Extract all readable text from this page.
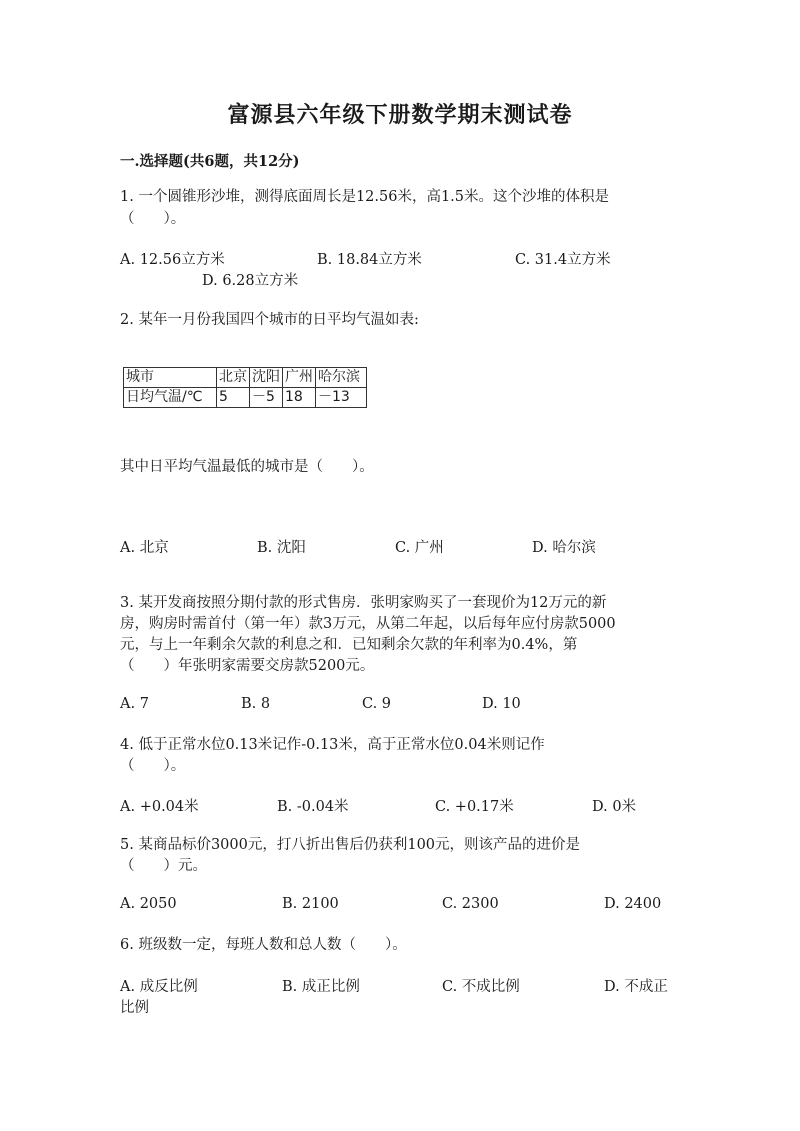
富源县六年级下册数学期末测试卷
一.选择题(共6题，共12分)
1. 一个圆锥形沙堆，测得底面周长是12.56米，高1.5米。这个沙堆的体积是
（　　）。
A. 12.56立方米	B. 18.84立方米	C. 31.4立方米
D. 6.28立方米
2. 某年一月份我国四个城市的日平均气温如表:
城市	北京	沈阳	广州	哈尔滨
日均气温/℃	5	－5	18	－13
其中日平均气温最低的城市是（　　）。
A. 北京	B. 沈阳	C. 广州	D. 哈尔滨
3. 某开发商按照分期付款的形式售房．张明家购买了一套现价为12万元的新
房，购房时需首付（第一年）款3万元，从第二年起，以后每年应付房款5000
元，与上一年剩余欠款的利息之和．已知剩余欠款的年利率为0.4%，第
（　　）年张明家需要交房款5200元。
A. 7	B. 8	C. 9	D. 10
4. 低于正常水位0.13米记作-0.13米，高于正常水位0.04米则记作
（　　）。
A. +0.04米	B. -0.04米	C. +0.17米	D. 0米
5. 某商品标价3000元，打八折出售后仍获利100元，则该产品的进价是
（　　）元。
A. 2050	B. 2100	C. 2300	D. 2400
6. 班级数一定，每班人数和总人数（　　）。
A. 成反比例	B. 成正比例	C. 不成比例	D. 不成正
比例
